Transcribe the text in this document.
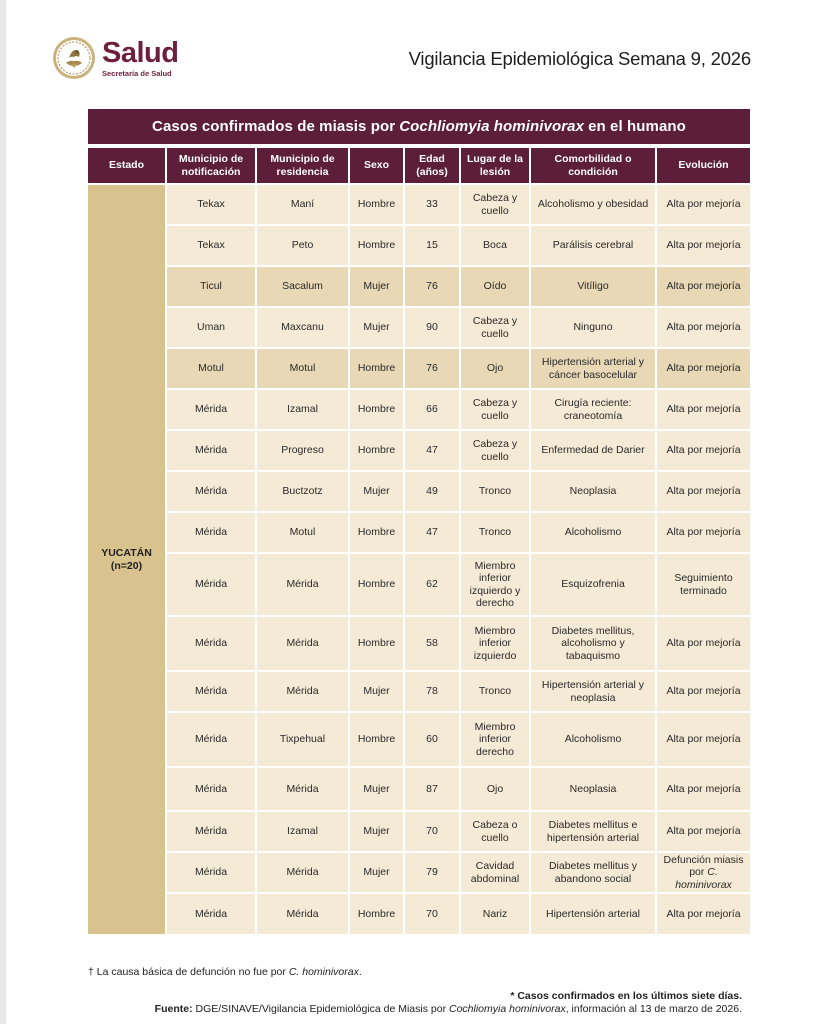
Salud
Secretaría de Salud
Vigilancia Epidemiológica Semana 9, 2026
Casos confirmados de miasis por Cochliomyia hominivorax en el humano
Estado	Municipio de notificación	Municipio de residencia	Sexo	Edad (años)	Lugar de la lesión	Comorbilidad o condición	Evolución

YUCATÁN
(n=20)	Tekax	Maní	Hombre	33	Cabeza y cuello	Alcoholismo y obesidad	Alta por mejoría
	Tekax	Peto	Hombre	15	Boca	Parálisis cerebral	Alta por mejoría
	Ticul	Sacalum	Mujer	76	Oído	Vitíligo	Alta por mejoría
	Uman	Maxcanu	Mujer	90	Cabeza y cuello	Ninguno	Alta por mejoría
	Motul	Motul	Hombre	76	Ojo	Hipertensión arterial y cáncer basocelular	Alta por mejoría
	Mérida	Izamal	Hombre	66	Cabeza y cuello	Cirugía reciente: craneotomía	Alta por mejoría
	Mérida	Progreso	Hombre	47	Cabeza y cuello	Enfermedad de Darier	Alta por mejoría
	Mérida	Buctzotz	Mujer	49	Tronco	Neoplasia	Alta por mejoría
	Mérida	Motul	Hombre	47	Tronco	Alcoholismo	Alta por mejoría
	Mérida	Mérida	Hombre	62	Miembro inferior izquierdo y derecho	Esquizofrenia	Seguimiento terminado
	Mérida	Mérida	Hombre	58	Miembro inferior izquierdo	Diabetes mellitus, alcoholismo y tabaquismo	Alta por mejoría
	Mérida	Mérida	Mujer	78	Tronco	Hipertensión arterial y neoplasia	Alta por mejoría
	Mérida	Tixpehual	Hombre	60	Miembro inferior derecho	Alcoholismo	Alta por mejoría
	Mérida	Mérida	Mujer	87	Ojo	Neoplasia	Alta por mejoría
	Mérida	Izamal	Mujer	70	Cabeza o cuello	Diabetes mellitus e hipertensión arterial	Alta por mejoría
	Mérida	Mérida	Mujer	79	Cavidad abdominal	Diabetes mellitus y abandono social	Defunción miasis por C. hominivorax
	Mérida	Mérida	Hombre	70	Nariz	Hipertensión arterial	Alta por mejoría
† La causa básica de defunción no fue por C. hominivorax.
* Casos confirmados en los últimos siete días.
Fuente: DGE/SINAVE/Vigilancia Epidemiológica de Miasis por Cochliomyia hominivorax, información al 13 de marzo de 2026.
